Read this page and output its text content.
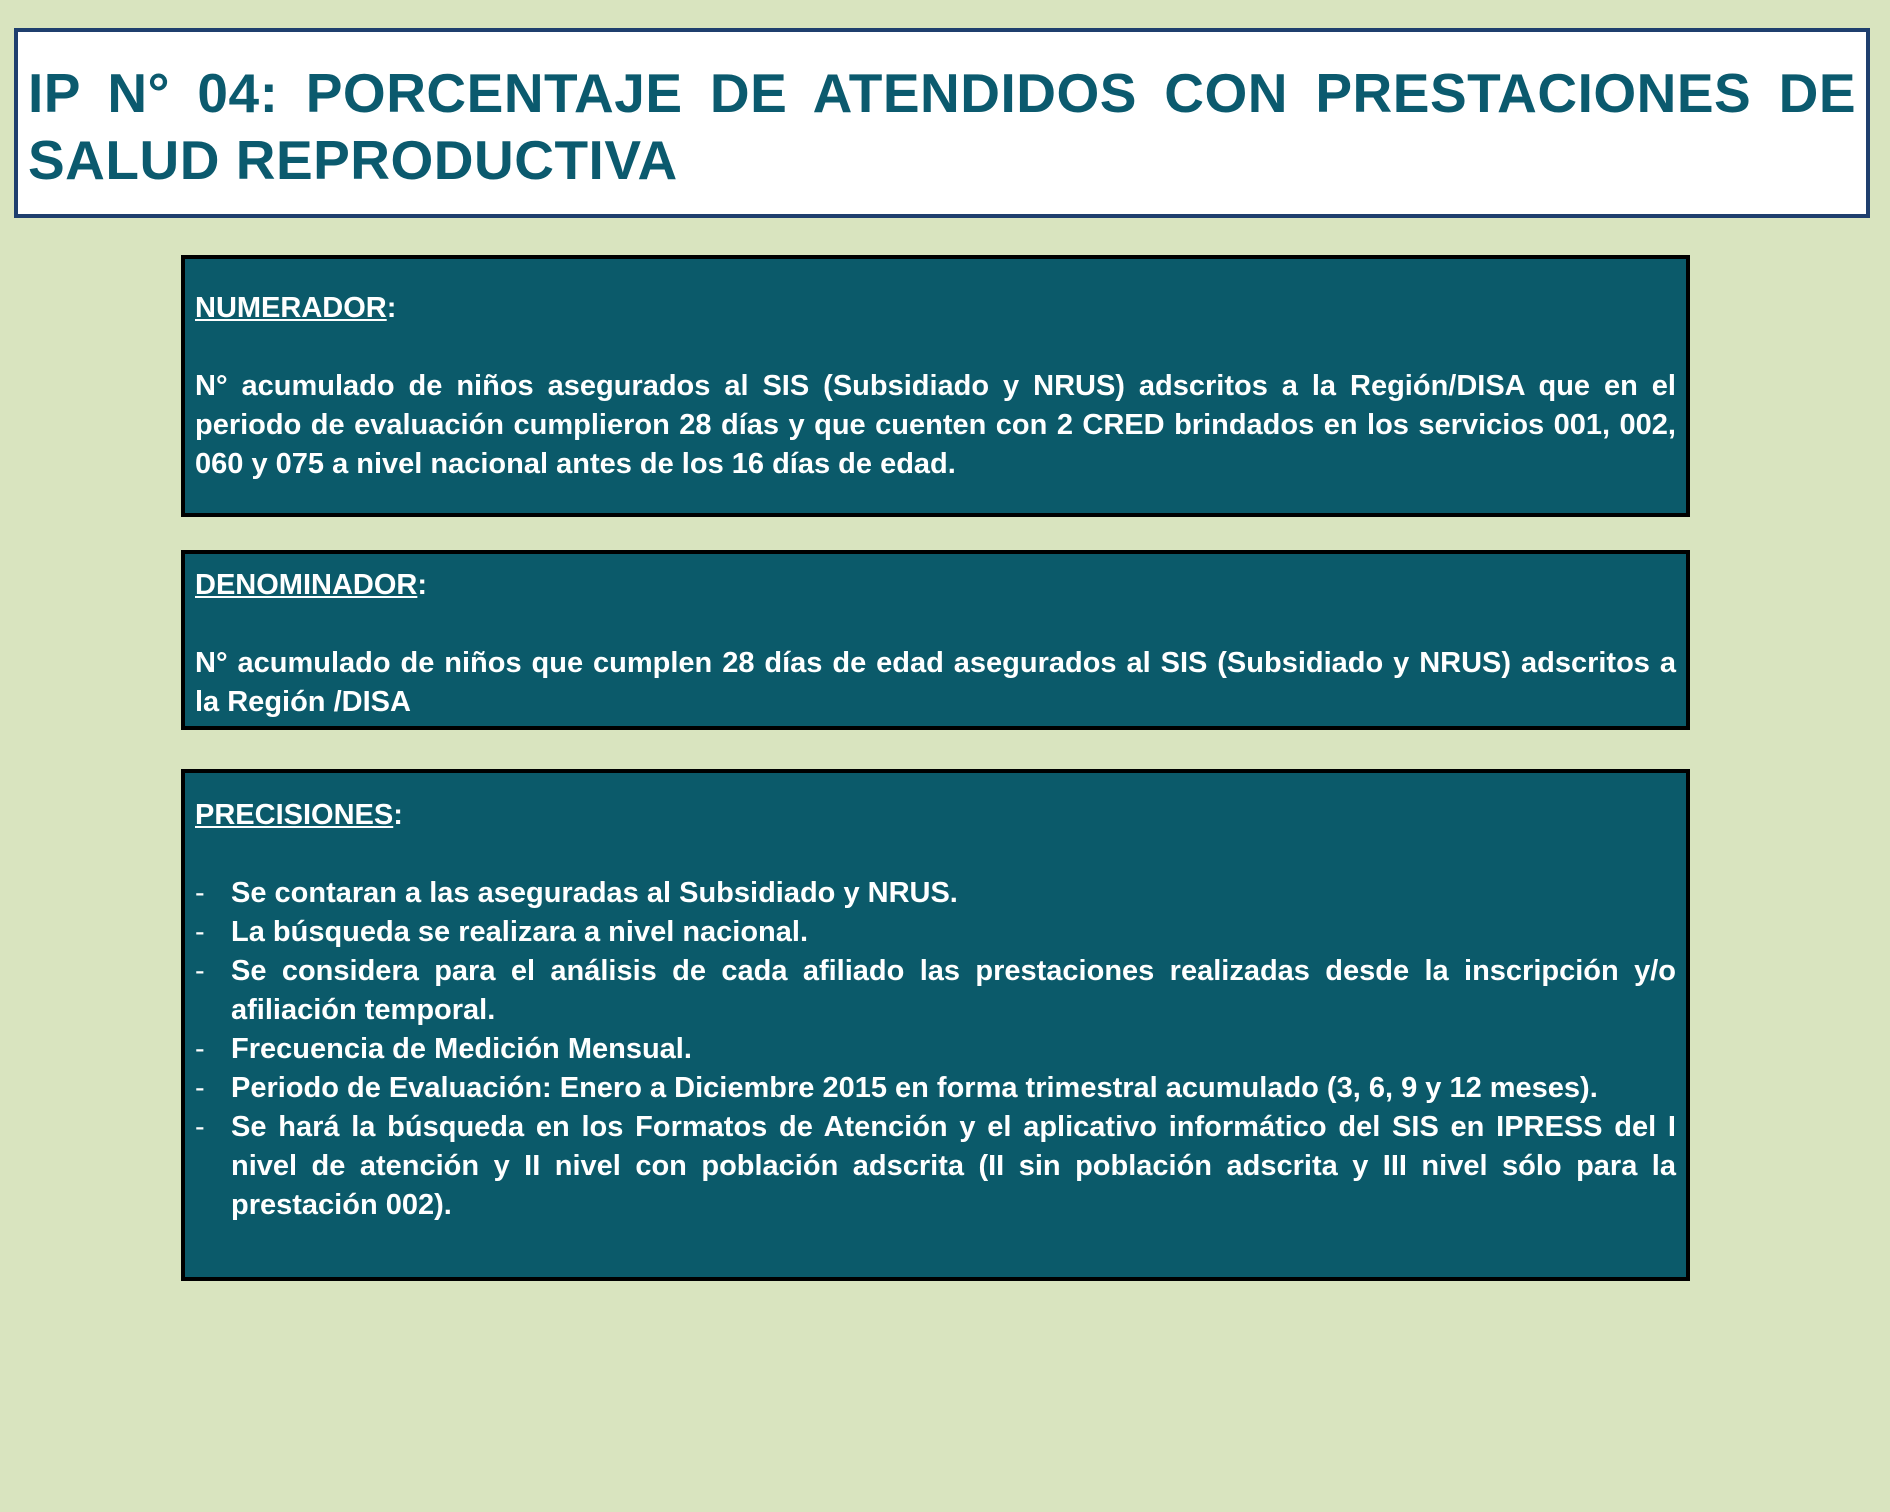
IP N° 04: PORCENTAJE DE ATENDIDOS CON PRESTACIONES DE SALUD REPRODUCTIVA

NUMERADOR:

N° acumulado de niños asegurados al SIS (Subsidiado y NRUS) adscritos a la Región/DISA que en el periodo de evaluación cumplieron 28 días y que cuenten con 2 CRED brindados en los servicios 001, 002, 060 y 075 a nivel nacional antes de los 16 días de edad.

DENOMINADOR:

N° acumulado de niños que cumplen 28 días de edad asegurados al SIS (Subsidiado y NRUS) adscritos a la Región /DISA

PRECISIONES:

- Se contaran a las aseguradas al Subsidiado y NRUS.
- La búsqueda se realizara a nivel nacional.
- Se considera para el análisis de cada afiliado las prestaciones realizadas desde la inscripción y/o afiliación temporal.
- Frecuencia de Medición Mensual.
- Periodo de Evaluación: Enero a Diciembre 2015 en forma trimestral acumulado (3, 6, 9 y 12 meses).
- Se hará la búsqueda en los Formatos de Atención y el aplicativo informático del SIS en IPRESS del I nivel de atención y II nivel con población adscrita (II sin población adscrita y III nivel sólo para la prestación 002).
